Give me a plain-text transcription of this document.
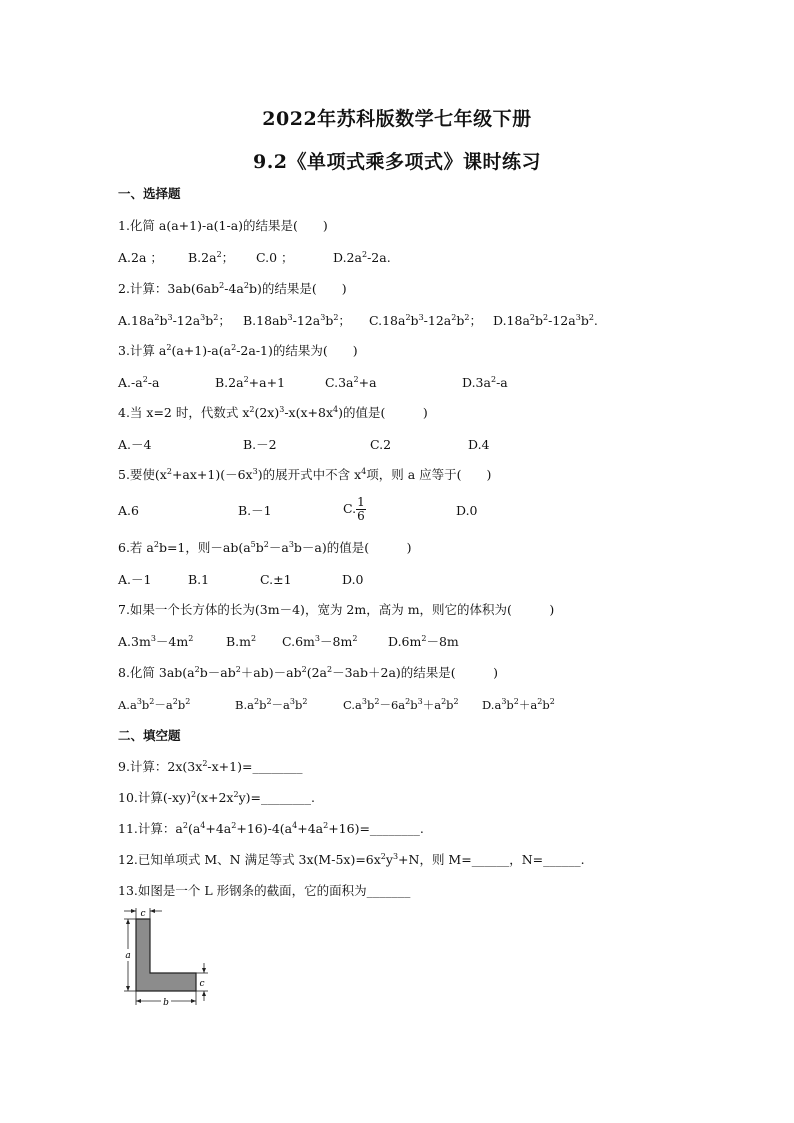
2022年苏科版数学七年级下册
9.2《单项式乘多项式》课时练习
一、选择题
1.化简 a(a+1)-a(1-a)的结果是(　　)
A.2a ； $B.2a^2$； C.0 ；	$D.2a^2-2a$.
2.计算：$3ab(6ab^2-4a^2b)$的结果是(　　)
$A.18a^2b^3-12a^3b^2$； $B.18ab^3-12a^3b^2$； $C.18a^2b^3-12a^2b^2$； $D.18a^2b^2-12a^3b^2$.
3.计算 $a^2(a+1)-a(a^2-2a-1)$的结果为(　　)
$A.-a^2-a$	$B.2a^2+a+1$	$C.3a^2+a$	$D.3a^2-a$
4.当 x=2 时，代数式 $x^2(2x)^3-x(x+8x^4)$的值是(　　　)
A.－4	B.－2	C.2	D.4
5.要使$(x^2+ax+1)(-6x^3)$的展开式中不含 $x^4$项，则 a 应等于(　　)
A.6	B.－1	C. $\frac{1}{6}$	D.0
6.若 $a^2b=1$，则$-ab(a^5b^2-a^3b-a)$的值是(　　　)
A.－1	B.1	C.±1	D.0
7.如果一个长方体的长为(3m－4)，宽为 2m，高为 m，则它的体积为(　　　)
$A.3m^3-4m^2$	$B.m^2$ $C.6m^3-8m^2$ $D.6m^2-8m$
8.化简 $3ab(a^2b-ab^2+ab)-ab^2(2a^2-3ab+2a)$的结果是(　　　)
$A.a^3b^2-a^2b^2$	$B.a^2b^2-a^3b^2$	$C.a^3b^2-6a^2b^3+a^2b^2$ $D.a^3b^2+a^2b^2$
二、填空题
9.计算：$2x(3x^2-x+1)=\_\_\_\_\_\_\_\_$
10.计算$(-xy)^2(x+2x^2y)=\_\_\_\_\_\_\_\_$.
11.计算：$a^2(a^4+4a^2+16)-4(a^4+4a^2+16)=\_\_\_\_\_\_\_\_$.
12.已知单项式 M、N 满足等式 $3x(M-5x)=6x^2y^3+N$，则 M=______，N=______.
13.如图是一个 L 形钢条的截面，它的面积为_______
c
a
c
b
